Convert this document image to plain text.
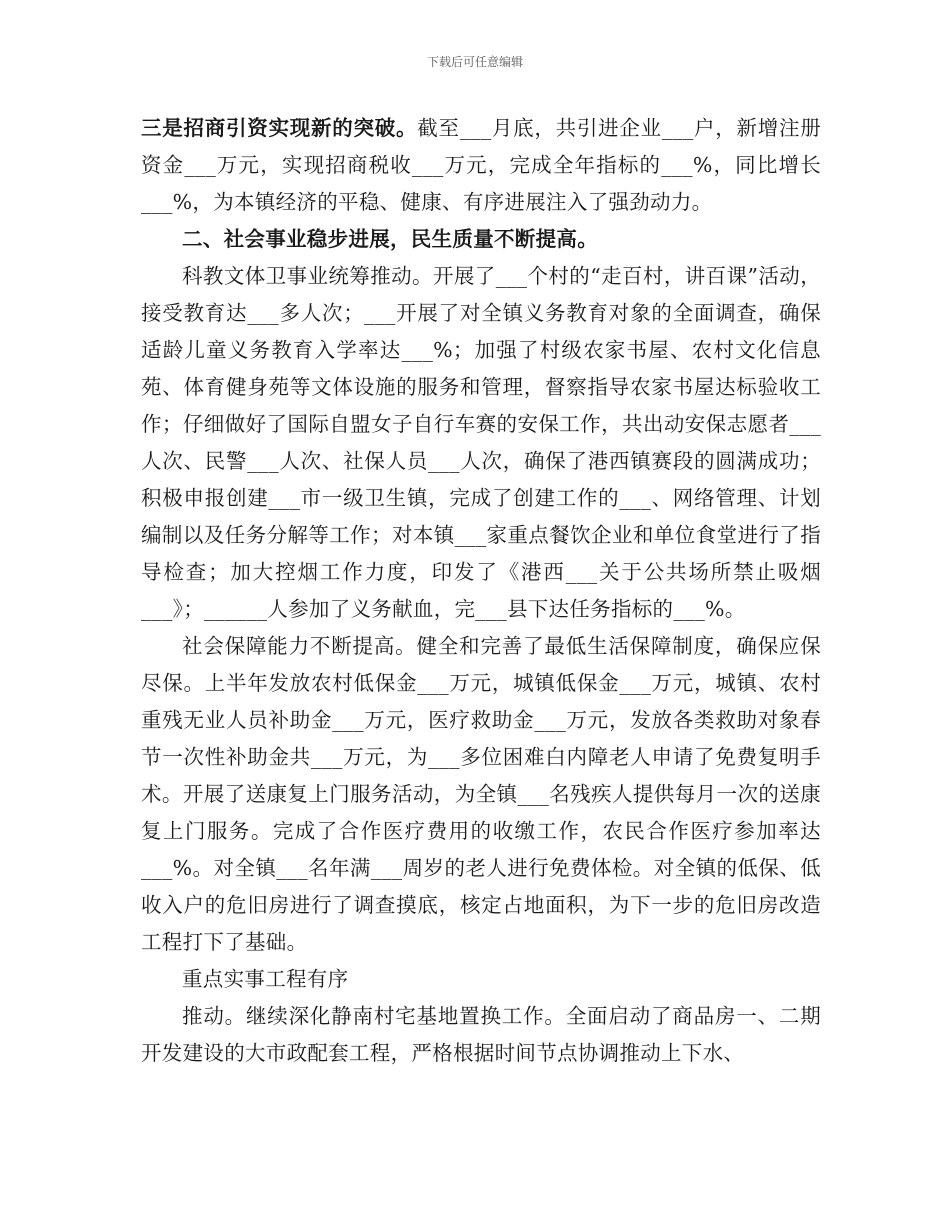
下载后可任意编辑

三是招商引资实现新的突破。截至___月底，共引进企业___户，新增注册资金___万元，实现招商税收___万元，完成全年指标的___%，同比增长___%，为本镇经济的平稳、健康、有序进展注入了强劲动力。

二、社会事业稳步进展，民生质量不断提高。

科教文体卫事业统筹推动。开展了___个村的“走百村，讲百课”活动，接受教育达___多人次；___开展了对全镇义务教育对象的全面调查，确保适龄儿童义务教育入学率达___%；加强了村级农家书屋、农村文化信息苑、体育健身苑等文体设施的服务和管理，督察指导农家书屋达标验收工作；仔细做好了国际自盟女子自行车赛的安保工作，共出动安保志愿者___人次、民警___人次、社保人员___人次，确保了港西镇赛段的圆满成功；积极申报创建___市一级卫生镇，完成了创建工作的___、网络管理、计划编制以及任务分解等工作；对本镇___家重点餐饮企业和单位食堂进行了指导检查；加大控烟工作力度，印发了《港西___关于公共场所禁止吸烟___》；______人参加了义务献血，完___县下达任务指标的___%。

社会保障能力不断提高。健全和完善了最低生活保障制度，确保应保尽保。上半年发放农村低保金___万元，城镇低保金___万元，城镇、农村重残无业人员补助金___万元，医疗救助金___万元，发放各类救助对象春节一次性补助金共___万元，为___多位困难白内障老人申请了免费复明手术。开展了送康复上门服务活动，为全镇___名残疾人提供每月一次的送康复上门服务。完成了合作医疗费用的收缴工作，农民合作医疗参加率达___%。对全镇___名年满___周岁的老人进行免费体检。对全镇的低保、低收入户的危旧房进行了调查摸底，核定占地面积，为下一步的危旧房改造工程打下了基础。

重点实事工程有序

推动。继续深化静南村宅基地置换工作。全面启动了商品房一、二期开发建设的大市政配套工程，严格根据时间节点协调推动上下水、
